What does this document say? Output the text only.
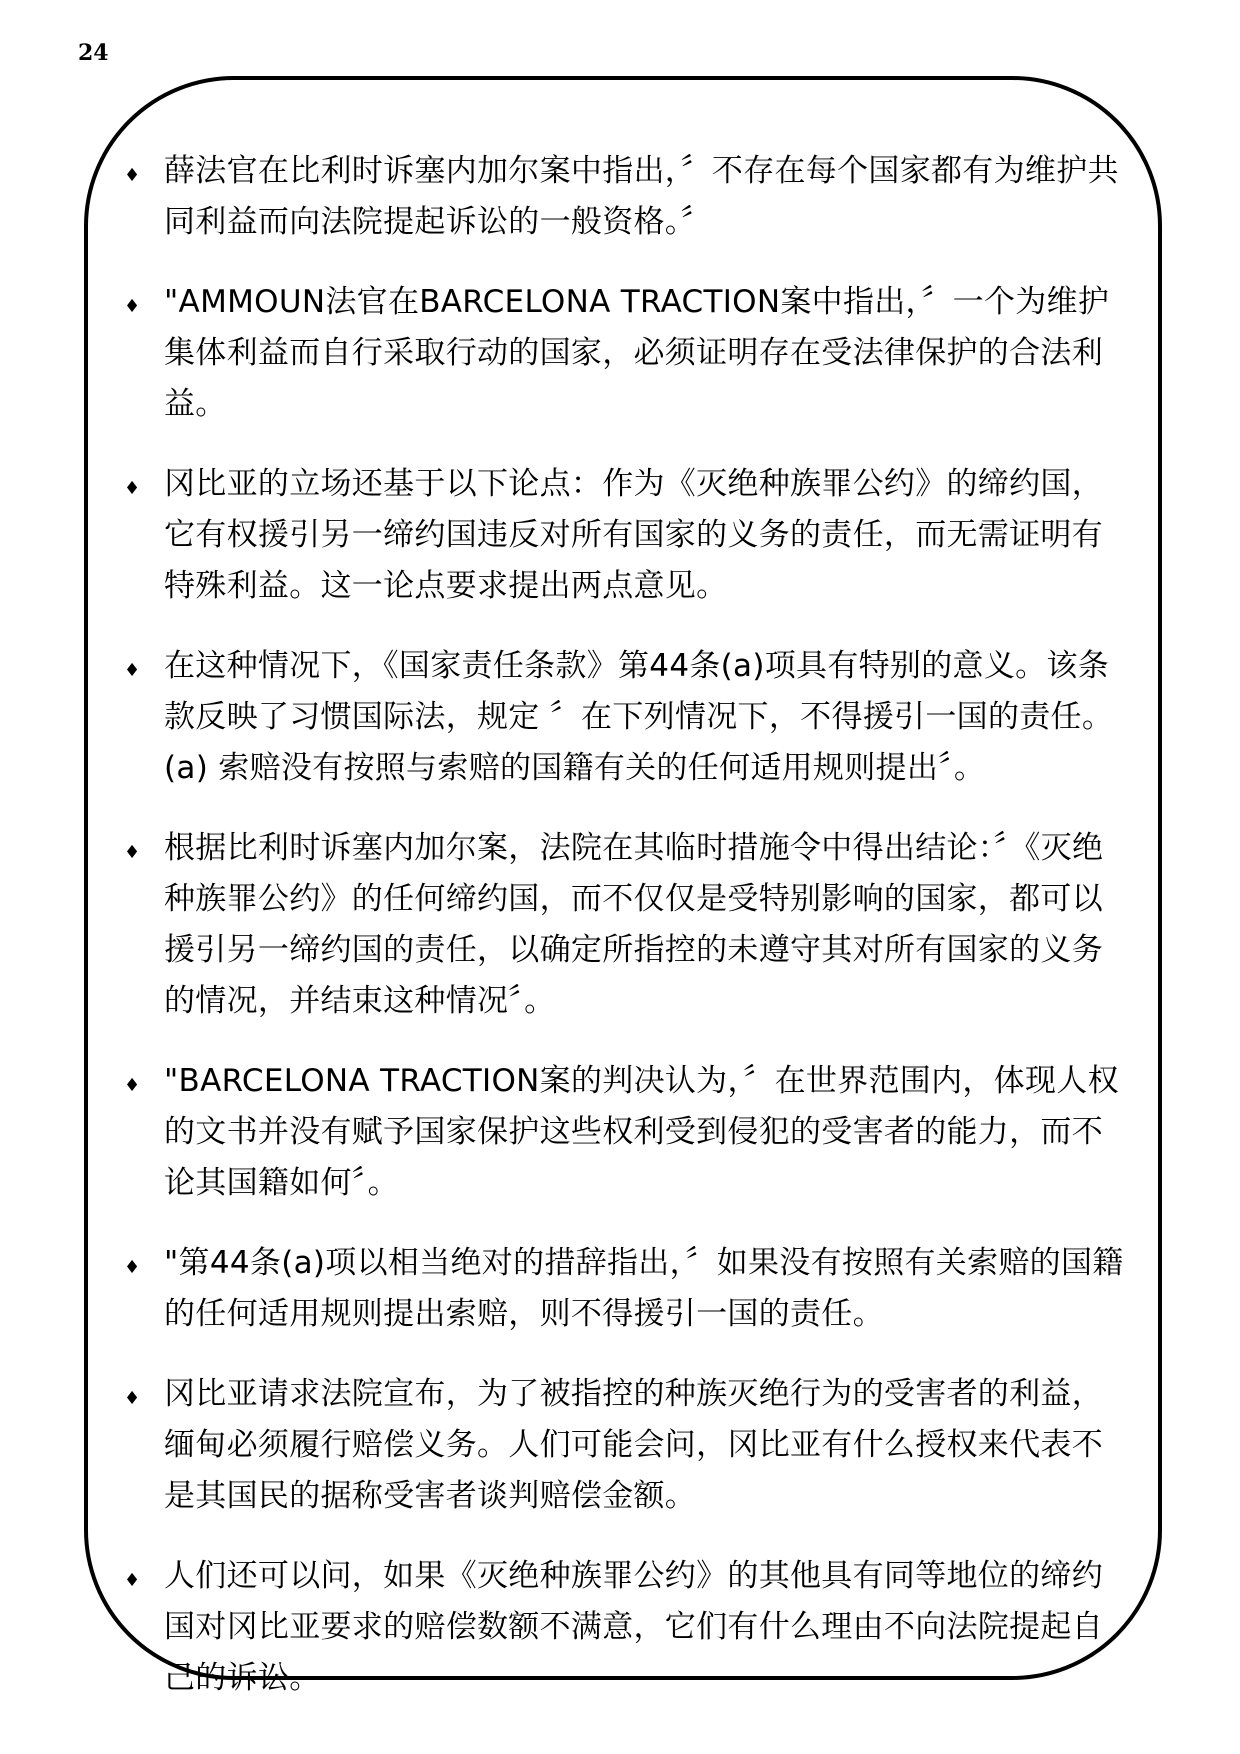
24
♦ 薛法官在比利时诉塞内加尔案中指出，〞不存在每个国家都有为维护共同利益而向法院提起诉讼的一般资格。〞
♦ "AMMOUN法官在BARCELONA TRACTION案中指出，〞一个为维护集体利益而自行采取行动的国家，必须证明存在受法律保护的合法利益。
♦ 冈比亚的立场还基于以下论点：作为《灭绝种族罪公约》的缔约国，它有权援引另一缔约国违反对所有国家的义务的责任，而无需证明有特殊利益。这一论点要求提出两点意见。
♦ 在这种情况下，《国家责任条款》第44条(a)项具有特别的意义。该条款反映了习惯国际法，规定 〞在下列情况下，不得援引一国的责任。(a) 索赔没有按照与索赔的国籍有关的任何适用规则提出〞。
♦ 根据比利时诉塞内加尔案，法院在其临时措施令中得出结论：〞《灭绝种族罪公约》的任何缔约国，而不仅仅是受特别影响的国家，都可以援引另一缔约国的责任，以确定所指控的未遵守其对所有国家的义务的情况，并结束这种情况〞。
♦ "BARCELONA TRACTION案的判决认为，〞在世界范围内，体现人权的文书并没有赋予国家保护这些权利受到侵犯的受害者的能力，而不论其国籍如何〞。
♦ "第44条(a)项以相当绝对的措辞指出，〞如果没有按照有关索赔的国籍的任何适用规则提出索赔，则不得援引一国的责任。
♦ 冈比亚请求法院宣布，为了被指控的种族灭绝行为的受害者的利益，缅甸必须履行赔偿义务。人们可能会问，冈比亚有什么授权来代表不是其国民的据称受害者谈判赔偿金额。
♦ 人们还可以问，如果《灭绝种族罪公约》的其他具有同等地位的缔约国对冈比亚要求的赔偿数额不满意，它们有什么理由不向法院提起自己的诉讼。
